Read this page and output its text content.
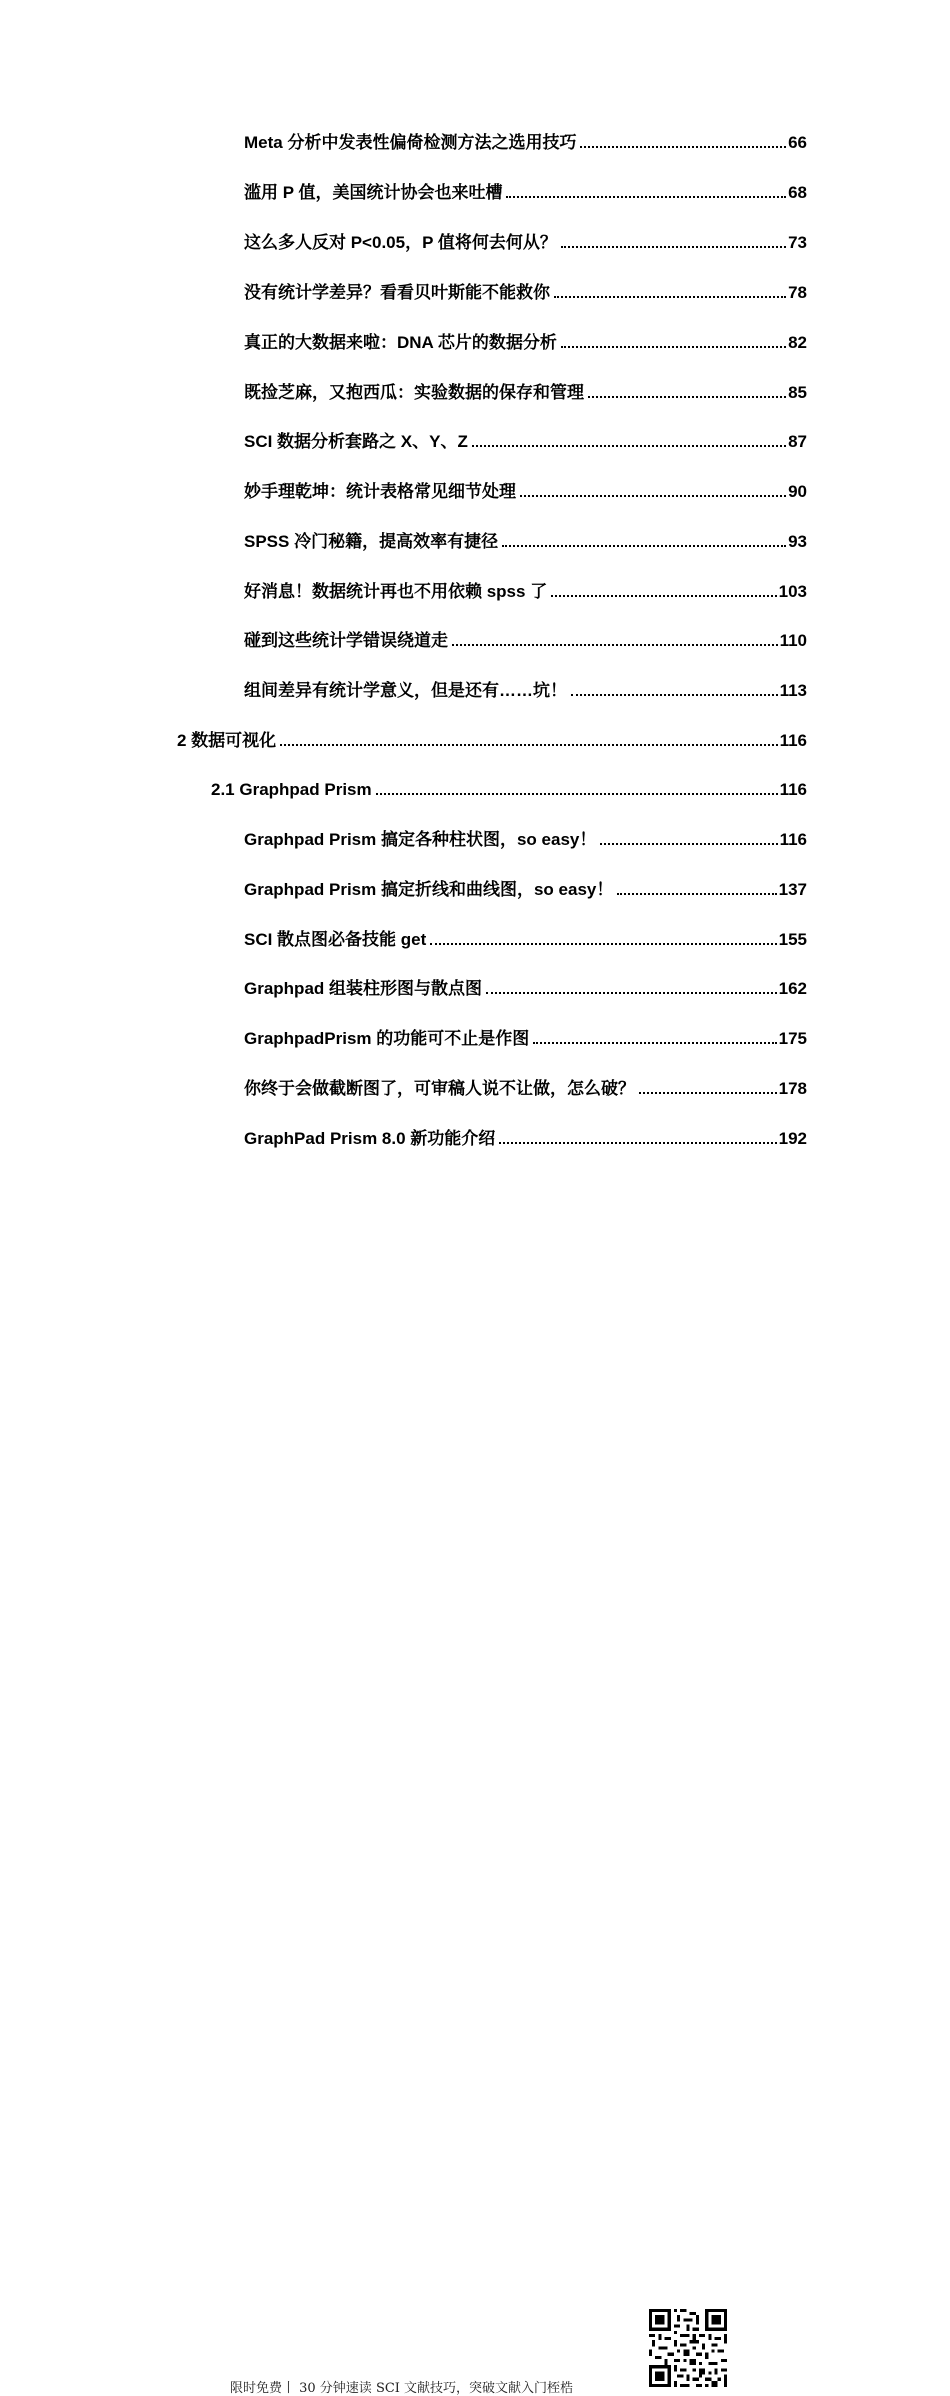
Meta 分析中发表性偏倚检测方法之选用技巧	66
滥用 P 值，美国统计协会也来吐槽	68
这么多人反对 P<0.05，P 值将何去何从？	73
没有统计学差异？看看贝叶斯能不能救你	78
真正的大数据来啦：DNA 芯片的数据分析	82
既捡芝麻，又抱西瓜：实验数据的保存和管理	85
SCI 数据分析套路之 X、Y、Z	87
妙手理乾坤：统计表格常见细节处理	90
SPSS 冷门秘籍，提高效率有捷径	93
好消息！数据统计再也不用依赖 spss 了	103
碰到这些统计学错误绕道走	110
组间差异有统计学意义，但是还有……坑！	113
2 数据可视化	116
2.1 Graphpad Prism	116
Graphpad Prism 搞定各种柱状图，so easy！	116
Graphpad Prism 搞定折线和曲线图，so easy！	137
SCI 散点图必备技能 get	155
Graphpad 组装柱形图与散点图	162
GraphpadPrism 的功能可不止是作图	175
你终于会做截断图了，可审稿人说不让做，怎么破？	178
GraphPad Prism 8.0 新功能介绍	192
限时免费丨 30 分钟速读 SCI 文献技巧，突破文献入门桎梏
